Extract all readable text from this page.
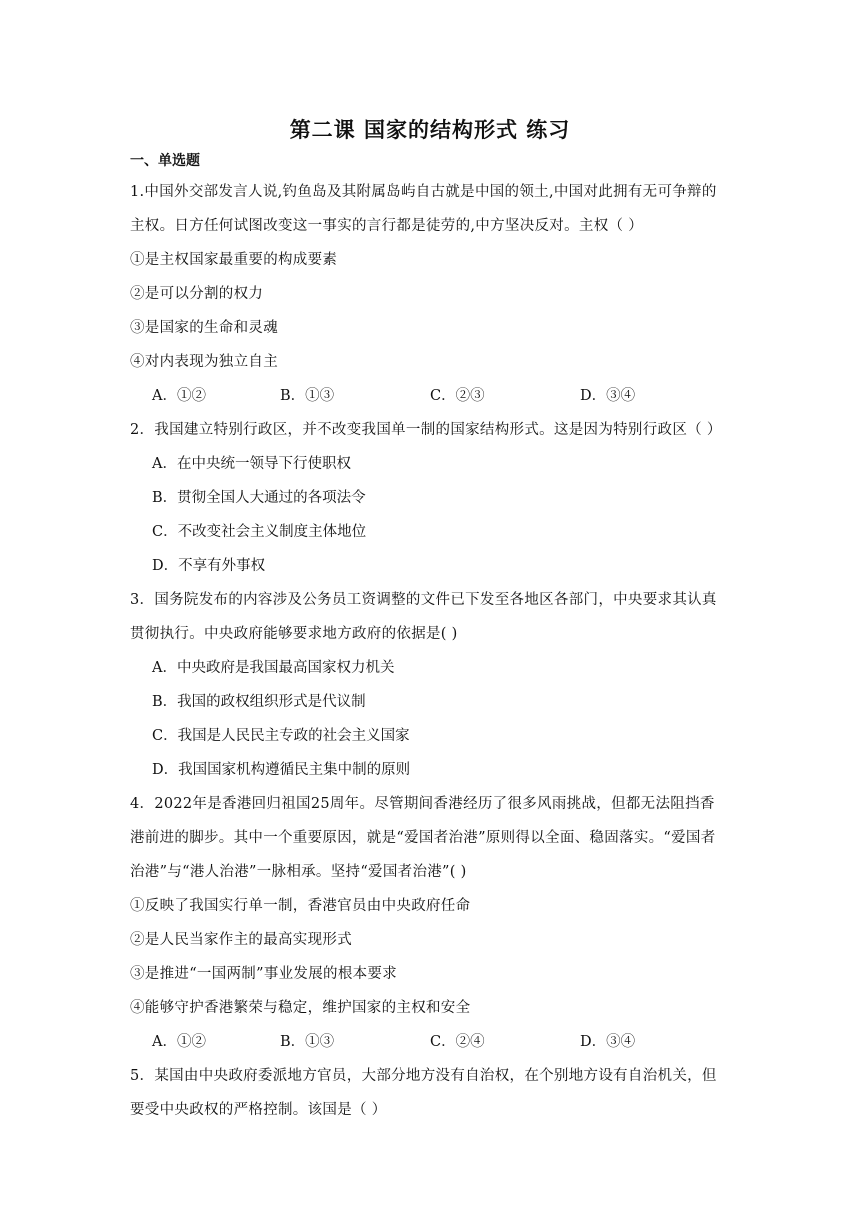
第二课 国家的结构形式 练习
一、单选题
1.中国外交部发言人说,钓鱼岛及其附属岛屿自古就是中国的领土,中国对此拥有无可争辩的
主权。日方任何试图改变这一事实的言行都是徒劳的,中方坚决反对。主权（ ）
①是主权国家最重要的构成要素
②是可以分割的权力
③是国家的生命和灵魂
④对内表现为独立自主
A．①②	B．①③	C．②③	D．③④
2．我国建立特别行政区，并不改变我国单一制的国家结构形式。这是因为特别行政区（ ）
A．在中央统一领导下行使职权
B．贯彻全国人大通过的各项法令
C．不改变社会主义制度主体地位
D．不享有外事权
3．国务院发布的内容涉及公务员工资调整的文件已下发至各地区各部门，中央要求其认真
贯彻执行。中央政府能够要求地方政府的依据是( )
A．中央政府是我国最高国家权力机关
B．我国的政权组织形式是代议制
C．我国是人民民主专政的社会主义国家
D．我国国家机构遵循民主集中制的原则
4．2022年是香港回归祖国25周年。尽管期间香港经历了很多风雨挑战，但都无法阻挡香
港前进的脚步。其中一个重要原因，就是“爱国者治港”原则得以全面、稳固落实。“爱国者
治港”与“港人治港”一脉相承。坚持“爱国者治港”( )
①反映了我国实行单一制，香港官员由中央政府任命
②是人民当家作主的最高实现形式
③是推进“一国两制”事业发展的根本要求
④能够守护香港繁荣与稳定，维护国家的主权和安全
A．①②	B．①③	C．②④	D．③④
5．某国由中央政府委派地方官员，大部分地方没有自治权，在个别地方设有自治机关，但
要受中央政权的严格控制。该国是（ ）
